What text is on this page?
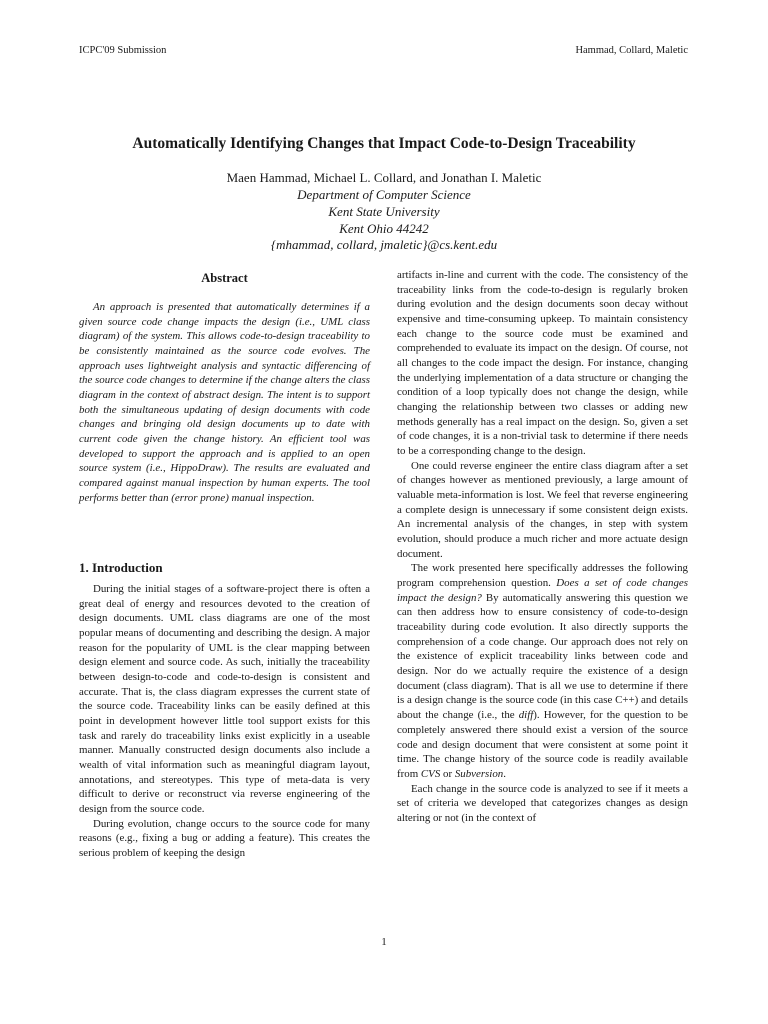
ICPC'09 Submission	Hammad, Collard, Maletic
Automatically Identifying Changes that Impact Code-to-Design Traceability
Maen Hammad, Michael L. Collard, and Jonathan I. Maletic
Department of Computer Science
Kent State University
Kent Ohio 44242
{mhammad, collard, jmaletic}@cs.kent.edu
Abstract

An approach is presented that automatically determines if a given source code change impacts the design (i.e., UML class diagram) of the system. This allows code-to-design traceability to be consistently maintained as the source code evolves. The approach uses lightweight analysis and syntactic differencing of the source code changes to determine if the change alters the class diagram in the context of abstract design. The intent is to support both the simultaneous updating of design documents with code changes and bringing old design documents up to date with current code given the change history. An efficient tool was developed to support the approach and is applied to an open source system (i.e., HippoDraw). The results are evaluated and compared against manual inspection by human experts. The tool performs better than (error prone) manual inspection.

1. Introduction

During the initial stages of a software-project there is often a great deal of energy and resources devoted to the creation of design documents. UML class diagrams are one of the most popular means of documenting and describing the design. A major reason for the popularity of UML is the clear mapping between design element and source code. As such, initially the traceability between design-to-code and code-to-design is consistent and accurate. That is, the class diagram expresses the current state of the source code. Traceability links can be easily defined at this point in development however little tool support exists for this task and rarely do traceability links exist explicitly in a useable manner. Manually constructed design documents also include a wealth of vital information such as meaningful diagram layout, annotations, and stereotypes. This type of meta-data is very difficult to derive or reconstruct via reverse engineering of the design from the source code.

During evolution, change occurs to the source code for many reasons (e.g., fixing a bug or adding a feature). This creates the serious problem of keeping the design

artifacts in-line and current with the code. The consistency of the traceability links from the code-to-design is regularly broken during evolution and the design documents soon decay without expensive and time-consuming upkeep. To maintain consistency each change to the source code must be examined and comprehended to evaluate its impact on the design. Of course, not all changes to the code impact the design. For instance, changing the underlying implementation of a data structure or changing the condition of a loop typically does not change the design, while changing the relationship between two classes or adding new methods generally has a real impact on the design. So, given a set of code changes, it is a non-trivial task to determine if there needs to be a corresponding change to the design.

One could reverse engineer the entire class diagram after a set of changes however as mentioned previously, a large amount of valuable meta-information is lost. We feel that reverse engineering a complete design is unnecessary if some consistent deign exists. An incremental analysis of the changes, in step with system evolution, should produce a much richer and more actuate design document.

The work presented here specifically addresses the following program comprehension question. Does a set of code changes impact the design? By automatically answering this question we can then address how to ensure consistency of code-to-design traceability during code evolution. It also directly supports the comprehension of a code change. Our approach does not rely on the existence of explicit traceability links between code and design. Nor do we actually require the existence of a design document (class diagram). That is all we use to determine if there is a design change is the source code (in this case C++) and details about the change (i.e., the diff). However, for the question to be completely answered there should exist a version of the source code and design document that were consistent at some point it time. The change history of the source code is readily available from CVS or Subversion.

Each change in the source code is analyzed to see if it meets a set of criteria we developed that categorizes changes as design altering or not (in the context of

1
